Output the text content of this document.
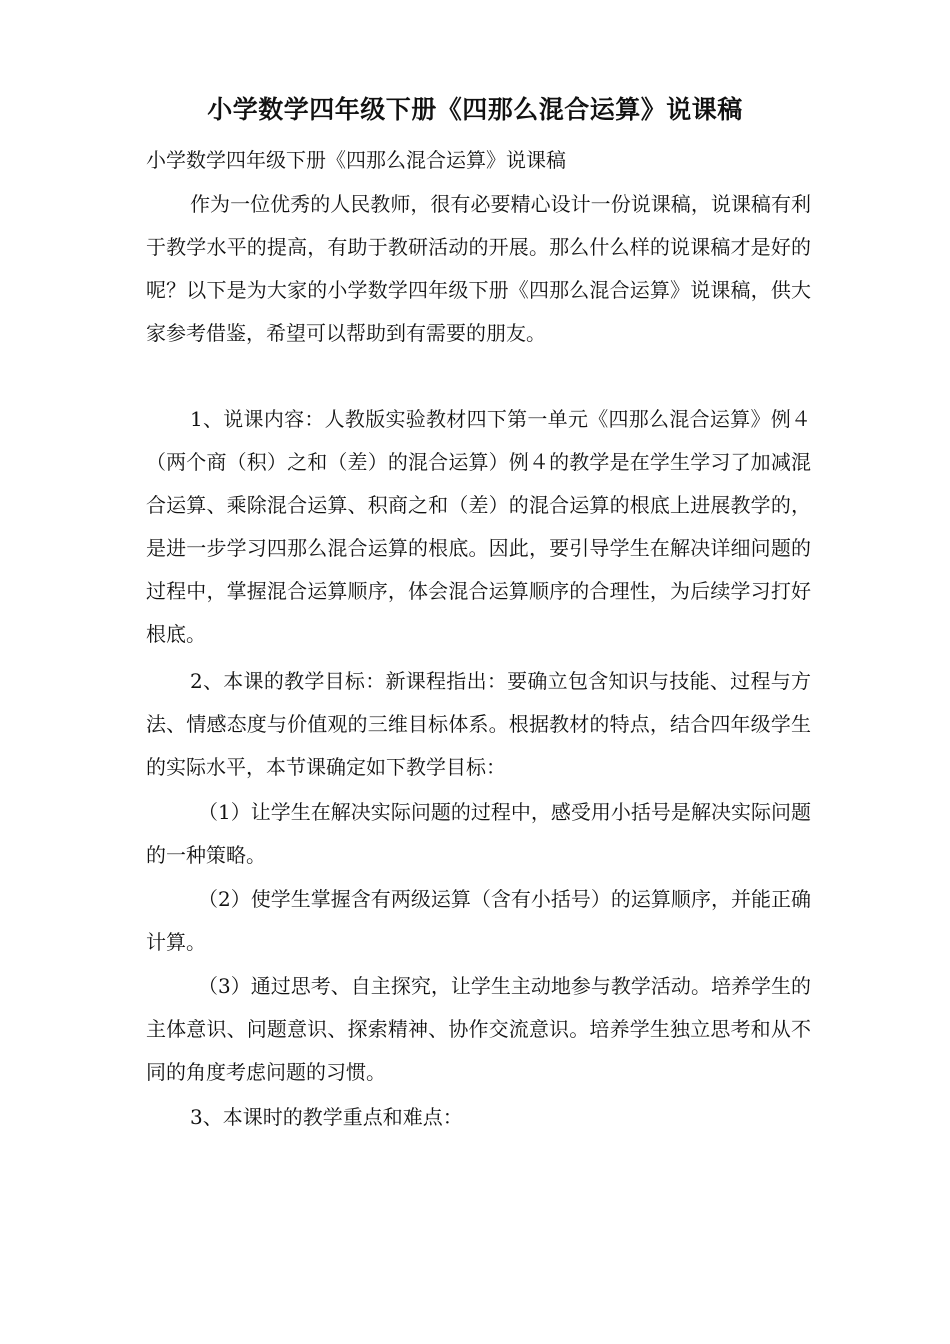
小学数学四年级下册《四那么混合运算》说课稿
小学数学四年级下册《四那么混合运算》说课稿

作为一位优秀的人民教师，很有必要精心设计一份说课稿，说课稿有利于教学水平的提高，有助于教研活动的开展。那么什么样的说课稿才是好的呢？以下是为大家的小学数学四年级下册《四那么混合运算》说课稿，供大家参考借鉴，希望可以帮助到有需要的朋友。

1、说课内容：人教版实验教材四下第一单元《四那么混合运算》例４（两个商（积）之和（差）的混合运算）例４的教学是在学生学习了加减混合运算、乘除混合运算、积商之和（差）的混合运算的根底上进展教学的，是进一步学习四那么混合运算的根底。因此，要引导学生在解决详细问题的过程中，掌握混合运算顺序，体会混合运算顺序的合理性，为后续学习打好根底。

2、本课的教学目标：新课程指出：要确立包含知识与技能、过程与方法、情感态度与价值观的三维目标体系。根据教材的特点，结合四年级学生的实际水平，本节课确定如下教学目标：

（1）让学生在解决实际问题的过程中，感受用小括号是解决实际问题的一种策略。

（2）使学生掌握含有两级运算（含有小括号）的运算顺序，并能正确计算。

（3）通过思考、自主探究，让学生主动地参与教学活动。培养学生的主体意识、问题意识、探索精神、协作交流意识。培养学生独立思考和从不同的角度考虑问题的习惯。

3、本课时的教学重点和难点：
